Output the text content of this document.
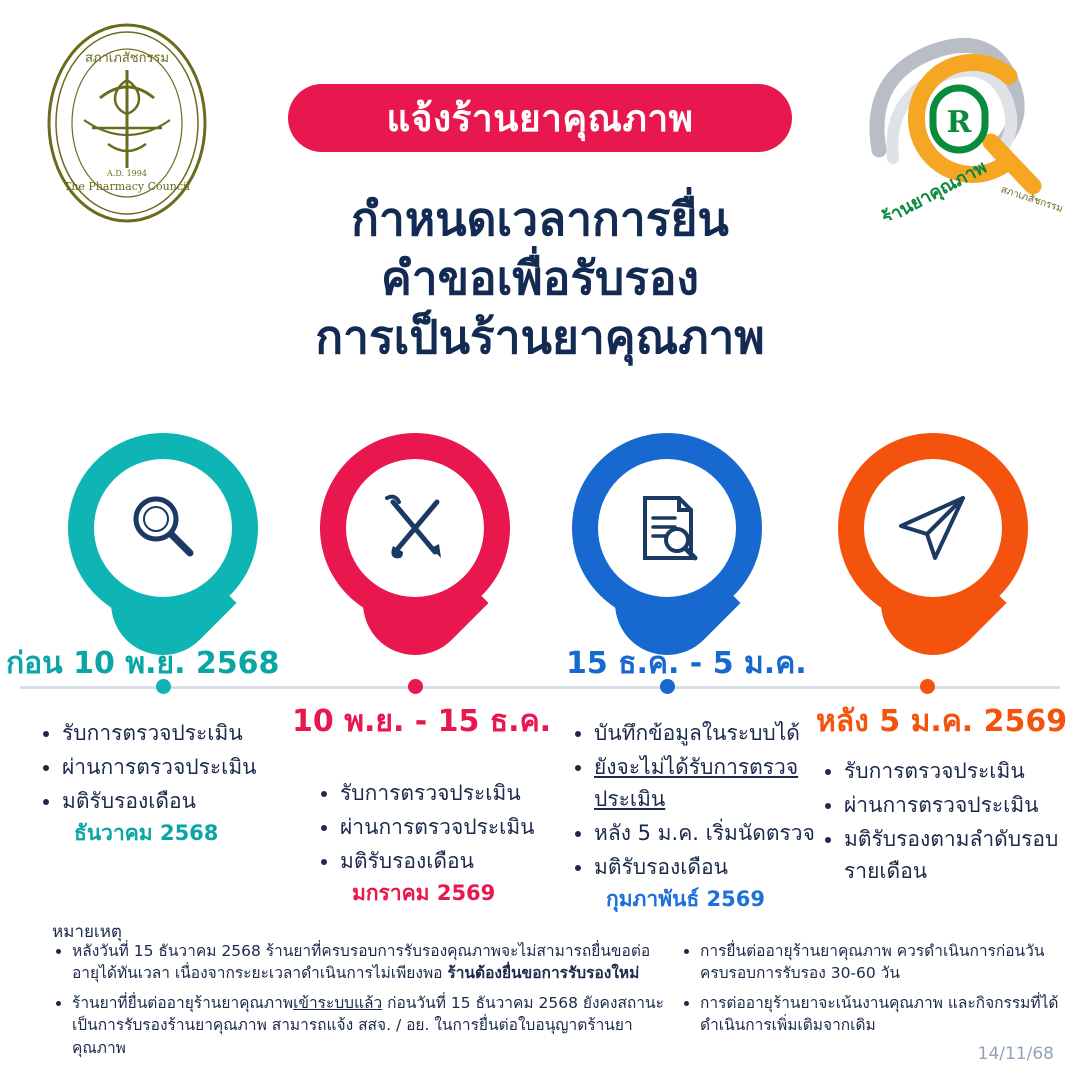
สภาเภสัชกรรม
The Pharmacy Council
A.D. 1994
R
ร้านยาคุณภาพ สภาเภสัชกรรม
แจ้งร้านยาคุณภาพ
กำหนดเวลาการยื่น
คำขอเพื่อรับรอง
การเป็นร้านยาคุณภาพ
ก่อน 10 พ.ย. 2568
• รับการตรวจประเมิน
• ผ่านการตรวจประเมิน
• มติรับรองเดือน
ธันวาคม 2568
10 พ.ย. - 15 ธ.ค.
• รับการตรวจประเมิน
• ผ่านการตรวจประเมิน
• มติรับรองเดือน
มกราคม 2569
15 ธ.ค. - 5 ม.ค.
• บันทึกข้อมูลในระบบได้
• ยังจะไม่ได้รับการตรวจประเมิน
• หลัง 5 ม.ค. เริ่มนัดตรวจ
• มติรับรองเดือน
กุมภาพันธ์ 2569
หลัง 5 ม.ค. 2569
• รับการตรวจประเมิน
• ผ่านการตรวจประเมิน
• มติรับรองตามลำดับรอบรายเดือน
หมายเหตุ
• หลังวันที่ 15 ธันวาคม 2568 ร้านยาที่ครบรอบการรับรองคุณภาพจะไม่สามารถยื่นขอต่ออายุได้ทันเวลา เนื่องจากระยะเวลาดำเนินการไม่เพียงพอ ร้านต้องยื่นขอการรับรองใหม่
• ร้านยาที่ยื่นต่ออายุร้านยาคุณภาพเข้าระบบแล้ว ก่อนวันที่ 15 ธันวาคม 2568 ยังคงสถานะเป็นการรับรองร้านยาคุณภาพ สามารถแจ้ง สสจ. / อย. ในการยื่นต่อใบอนุญาตร้านยาคุณภาพ
• การยื่นต่ออายุร้านยาคุณภาพ ควรดำเนินการก่อนวันครบรอบการรับรอง 30-60 วัน
• การต่ออายุร้านยาจะเน้นงานคุณภาพ และกิจกรรมที่ได้ดำเนินการเพิ่มเติมจากเดิม
14/11/68
